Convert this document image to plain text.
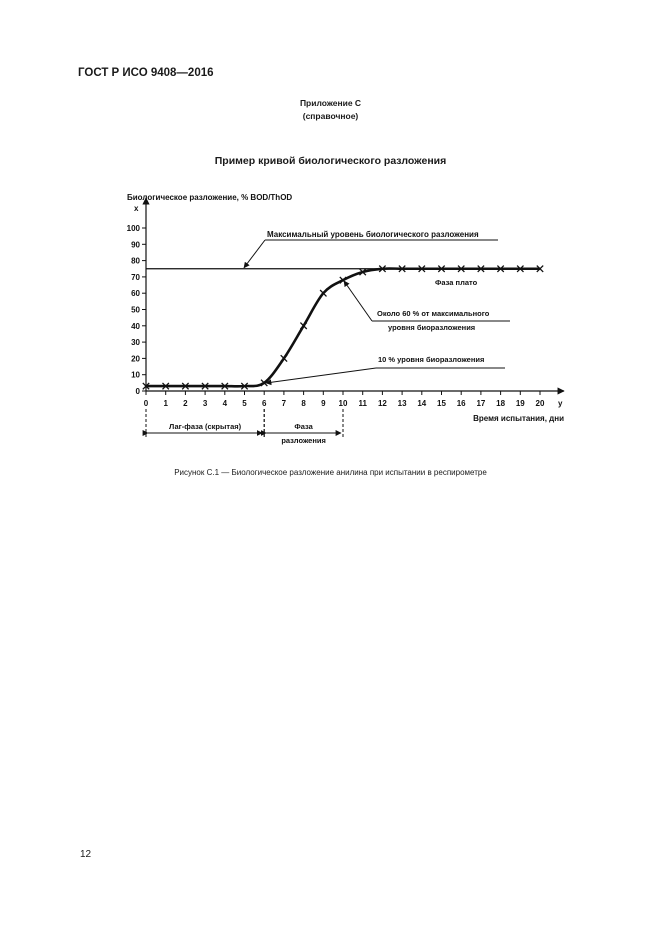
ГОСТ Р ИСО 9408—2016
Приложение С
(справочное)
Пример кривой биологического разложения
0
10
20
30
40
50
60
70
80
90
100
0 1 2 3 4 5 6 7 8 9 10 11 12 13 14 15 16 17 18 19 20
Биологическое разложение, % BOD/ThOD
x
y
Время испытания, дни
Максимальный уровень биологического разложения
Фаза плато
Около 60 % от максимального
уровня биоразложения
10 % уровня биоразложения
Лаг-фаза (скрытая)	Фаза
разложения
Рисунок С.1 — Биологическое разложение анилина при испытании в респирометре
12
